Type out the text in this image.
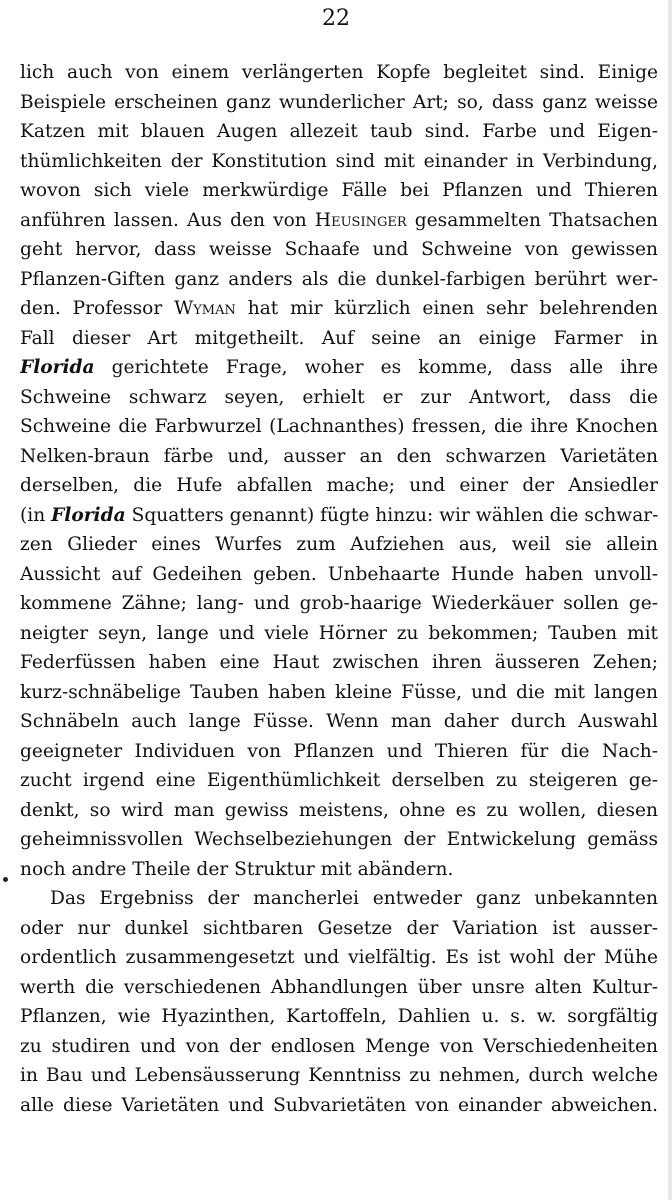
22
lich auch von einem verlängerten Kopfe begleitet sind. Einige
Beispiele erscheinen ganz wunderlicher Art; so, dass ganz weisse
Katzen mit blauen Augen allezeit taub sind. Farbe und Eigen-
thümlichkeiten der Konstitution sind mit einander in Verbindung,
wovon sich viele merkwürdige Fälle bei Pflanzen und Thieren
anführen lassen. Aus den von Heusinger gesammelten Thatsachen
geht hervor, dass weisse Schaafe und Schweine von gewissen
Pflanzen-Giften ganz anders als die dunkel-farbigen berührt wer-
den. Professor Wyman hat mir kürzlich einen sehr belehrenden
Fall dieser Art mitgetheilt. Auf seine an einige Farmer in
Florida gerichtete Frage, woher es komme, dass alle ihre
Schweine schwarz seyen, erhielt er zur Antwort, dass die
Schweine die Farbwurzel (Lachnanthes) fressen, die ihre Knochen
Nelken-braun färbe und, ausser an den schwarzen Varietäten
derselben, die Hufe abfallen mache; und einer der Ansiedler
(in Florida Squatters genannt) fügte hinzu: wir wählen die schwar-
zen Glieder eines Wurfes zum Aufziehen aus, weil sie allein
Aussicht auf Gedeihen geben. Unbehaarte Hunde haben unvoll-
kommene Zähne; lang- und grob-haarige Wiederkäuer sollen ge-
neigter seyn, lange und viele Hörner zu bekommen; Tauben mit
Federfüssen haben eine Haut zwischen ihren äusseren Zehen;
kurz-schnäbelige Tauben haben kleine Füsse, und die mit langen
Schnäbeln auch lange Füsse. Wenn man daher durch Auswahl
geeigneter Individuen von Pflanzen und Thieren für die Nach-
zucht irgend eine Eigenthümlichkeit derselben zu steigeren ge-
denkt, so wird man gewiss meistens, ohne es zu wollen, diesen
geheimnissvollen Wechselbeziehungen der Entwickelung gemäss
noch andre Theile der Struktur mit abändern.
Das Ergebniss der mancherlei entweder ganz unbekannten
oder nur dunkel sichtbaren Gesetze der Variation ist ausser-
ordentlich zusammengesetzt und vielfältig. Es ist wohl der Mühe
werth die verschiedenen Abhandlungen über unsre alten Kultur-
Pflanzen, wie Hyazinthen, Kartoffeln, Dahlien u. s. w. sorgfältig
zu studiren und von der endlosen Menge von Verschiedenheiten
in Bau und Lebensäusserung Kenntniss zu nehmen, durch welche
alle diese Varietäten und Subvarietäten von einander abweichen.
